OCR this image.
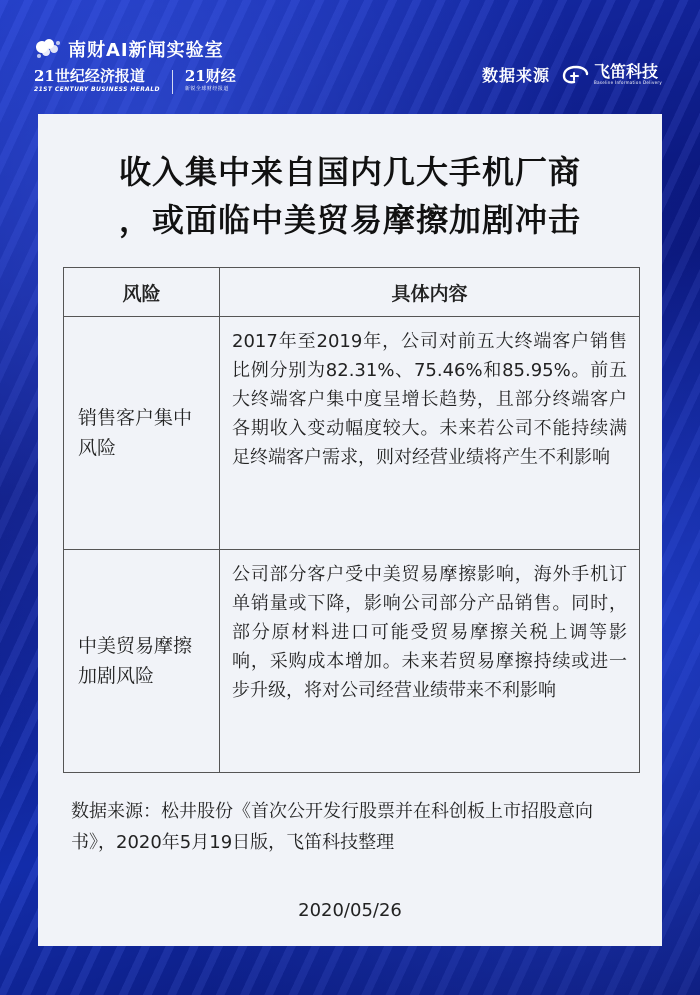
南财AI新闻实验室
21世纪经济报道
21ST CENTURY BUSINESS HERALD
21财经
新锐全球财经报道
数据来源	飞笛科技
Baseline Information Delivery
收入集中来自国内几大手机厂商
，或面临中美贸易摩擦加剧冲击
风险	具体内容
销售客户集中风险	2017年至2019年，公司对前五大终端客户销售比例分别为82.31%、75.46%和85.95%。前五大终端客户集中度呈增长趋势，且部分终端客户各期收入变动幅度较大。未来若公司不能持续满足终端客户需求，则对经营业绩将产生不利影响
中美贸易摩擦加剧风险	公司部分客户受中美贸易摩擦影响，海外手机订单销量或下降，影响公司部分产品销售。同时，部分原材料进口可能受贸易摩擦关税上调等影响，采购成本增加。未来若贸易摩擦持续或进一步升级，将对公司经营业绩带来不利影响
数据来源：松井股份《首次公开发行股票并在科创板上市招股意向书》，2020年5月19日版，飞笛科技整理
2020/05/26
